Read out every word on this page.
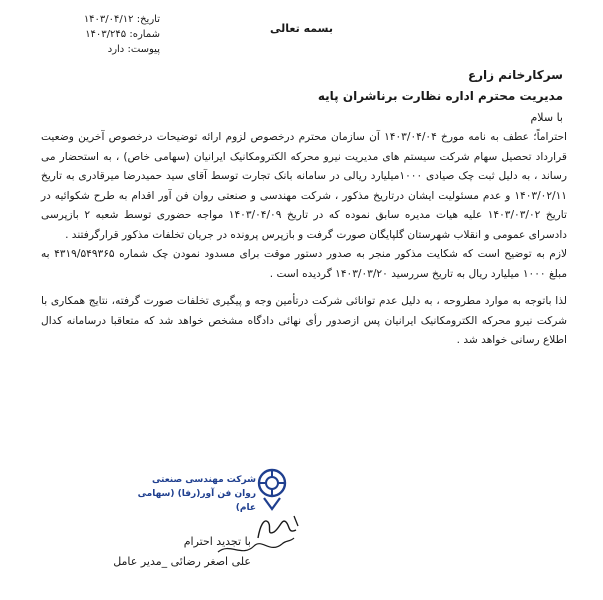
بسمه تعالی
تاریخ: ۱۴۰۳/۰۴/۱۲
شماره: ۱۴۰۳/۲۴۵
پیوست: دارد
سرکارخانم زارع
مدیریت محترم اداره نظارت برناشران پایه
با سلام

احتراماً؛ عطف به نامه مورخ ۱۴۰۳/۰۴/۰۴ آن سازمان محترم درخصوص لزوم ارائه توضیحات درخصوص آخرین وضعیت قرارداد تحصیل سهام شرکت سیستم های مدیریت نیرو محرکه الکترومکانیک ایرانیان (سهامی خاص) ، به استحضار می رساند ، به دلیل ثبت چک صیادی ۱۰۰۰میلیارد ریالی در سامانه بانک تجارت توسط آقای سید حمیدرضا میرقادری به تاریخ ۱۴۰۳/۰۲/۱۱ و عدم مسئولیت ایشان درتاریخ مذکور ، شرکت مهندسی و صنعتی روان فن آور اقدام به طرح شکوائیه در تاریخ ۱۴۰۳/۰۳/۰۲ علیه هیات مدیره سابق نموده که در تاریخ ۱۴۰۳/۰۴/۰۹ مواجه حضوری توسط شعبه ۲ بازپرسی دادسرای عمومی و انقلاب شهرستان گلپایگان صورت گرفت و بازپرس پرونده در جریان تخلفات مذکور قرارگرفتند .

لازم به توضیح است که شکایت مذکور منجر به صدور دستور موقت برای مسدود نمودن چک شماره ۴۳۱۹/۵۴۹۳۶۵ به مبلغ ۱۰۰۰ میلیارد ریال به تاریخ سررسید ۱۴۰۳/۰۳/۲۰ گردیده است .

لذا باتوجه به موارد مطروحه ، به دلیل عدم توانائی شرکت درتأمین وجه و پیگیری تخلفات صورت گرفته، نتایج همکاری با شرکت نیرو محرکه الکترومکانیک ایرانیان پس ازصدور رأی نهائی دادگاه مشخص خواهد شد که متعاقبا درسامانه کدال اطلاع رسانی خواهد شد .

شرکت مهندسی صنعتی
روان فن آور(رفا) (سهامی عام)
با تجدید احترام
علی اصغر رضائی _مدیر عامل
